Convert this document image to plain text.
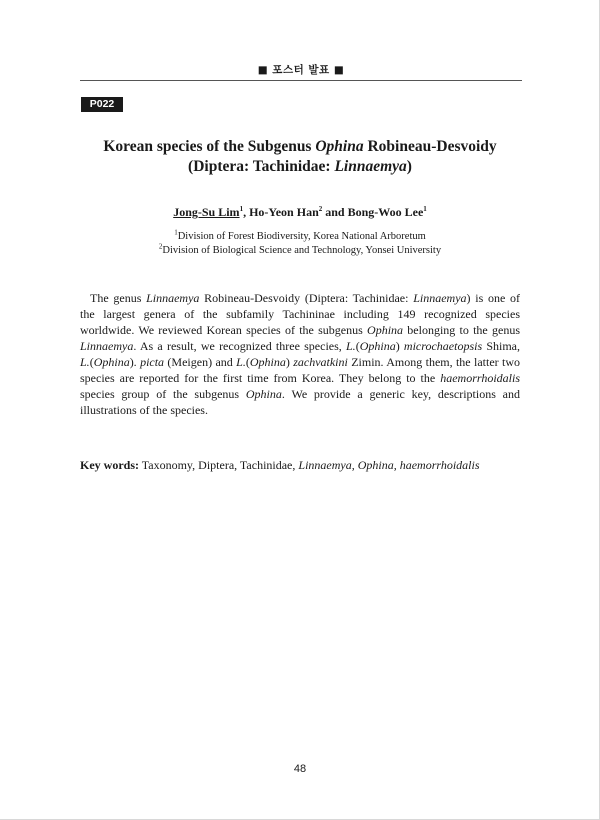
■ 포스터 발표 ■
P022
Korean species of the Subgenus Ophina Robineau-Desvoidy
(Diptera: Tachinidae: Linnaemya)
Jong-Su Lim$^1$, Ho-Yeon Han$^2$ and Bong-Woo Lee$^1$
$^1$Division of Forest Biodiversity, Korea National Arboretum
$^2$Division of Biological Science and Technology, Yonsei University

The genus Linnaemya Robineau-Desvoidy (Diptera: Tachinidae: Linnaemya) is one of the largest genera of the subfamily Tachininae including 149 recognized species worldwide. We reviewed Korean species of the subgenus Ophina belonging to the genus Linnaemya. As a result, we recognized three species, L.(Ophina) microchaetopsis Shima, L.(Ophina). picta (Meigen) and L.(Ophina) zachvatkini Zimin. Among them, the latter two species are reported for the first time from Korea. They belong to the haemorrhoidalis species group of the subgenus Ophina. We provide a generic key, descriptions and illustrations of the species.

Key words: Taxonomy, Diptera, Tachinidae, Linnaemya, Ophina, haemorrhoidalis
48
